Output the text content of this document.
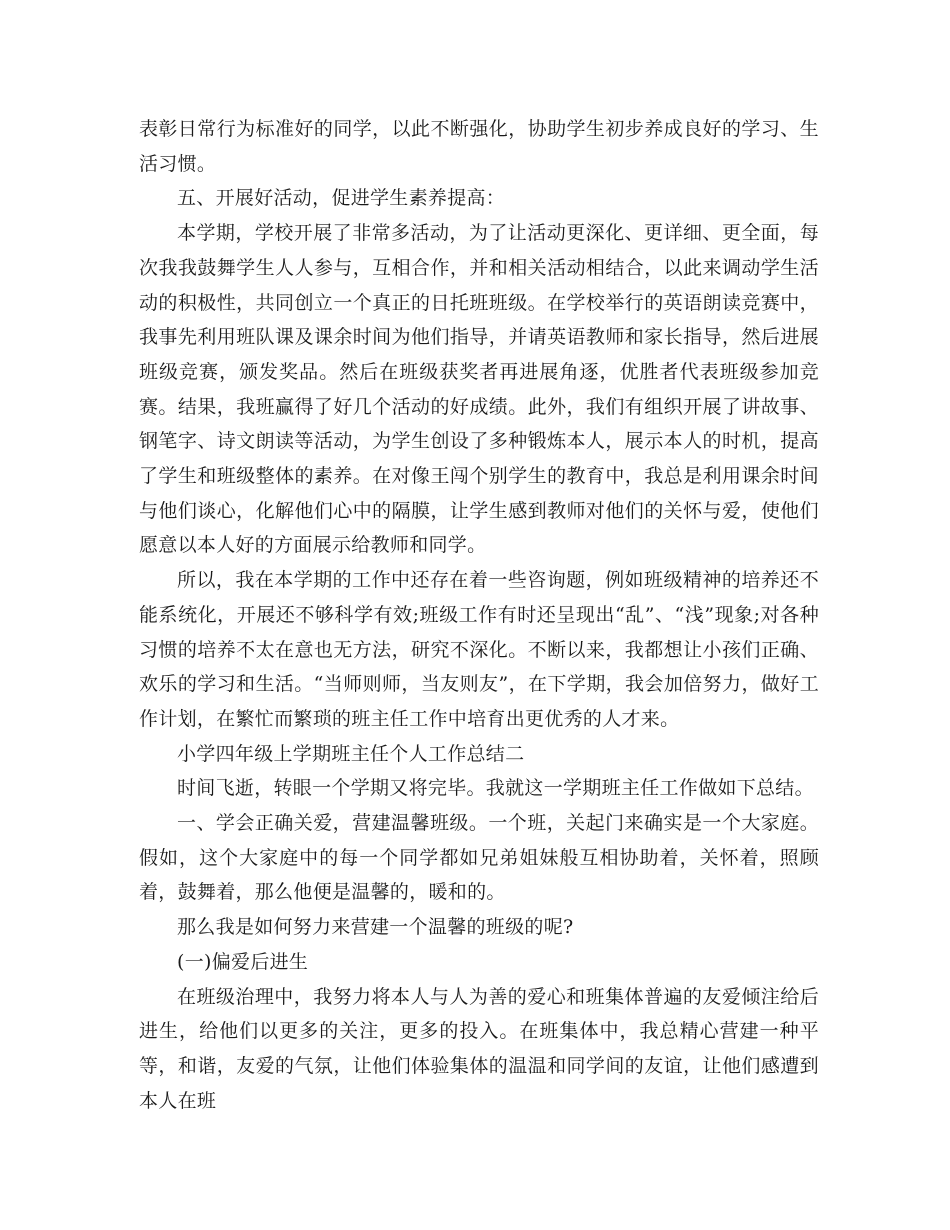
表彰日常行为标准好的同学，以此不断强化，协助学生初步养成良好的学习、生活习惯。

五、开展好活动，促进学生素养提高：

本学期，学校开展了非常多活动，为了让活动更深化、更详细、更全面，每次我我鼓舞学生人人参与，互相合作，并和相关活动相结合，以此来调动学生活动的积极性，共同创立一个真正的日托班班级。在学校举行的英语朗读竞赛中，我事先利用班队课及课余时间为他们指导，并请英语教师和家长指导，然后进展班级竞赛，颁发奖品。然后在班级获奖者再进展角逐，优胜者代表班级参加竞赛。结果，我班赢得了好几个活动的好成绩。此外，我们有组织开展了讲故事、钢笔字、诗文朗读等活动，为学生创设了多种锻炼本人，展示本人的时机，提高了学生和班级整体的素养。在对像王闯个别学生的教育中，我总是利用课余时间与他们谈心，化解他们心中的隔膜，让学生感到教师对他们的关怀与爱，使他们愿意以本人好的方面展示给教师和同学。

所以，我在本学期的工作中还存在着一些咨询题，例如班级精神的培养还不能系统化，开展还不够科学有效;班级工作有时还呈现出“乱”、“浅”现象;对各种习惯的培养不太在意也无方法，研究不深化。不断以来，我都想让小孩们正确、欢乐的学习和生活。“当师则师，当友则友”，在下学期，我会加倍努力，做好工作计划，在繁忙而繁琐的班主任工作中培育出更优秀的人才来。

小学四年级上学期班主任个人工作总结二

时间飞逝，转眼一个学期又将完毕。我就这一学期班主任工作做如下总结。

一、学会正确关爱，营建温馨班级。一个班，关起门来确实是一个大家庭。假如，这个大家庭中的每一个同学都如兄弟姐妹般互相协助着，关怀着，照顾着，鼓舞着，那么他便是温馨的，暖和的。

那么我是如何努力来营建一个温馨的班级的呢?

(一)偏爱后进生

在班级治理中，我努力将本人与人为善的爱心和班集体普遍的友爱倾注给后进生，给他们以更多的关注，更多的投入。在班集体中，我总精心营建一种平等，和谐，友爱的气氛，让他们体验集体的温温和同学间的友谊，让他们感遭到本人在班
